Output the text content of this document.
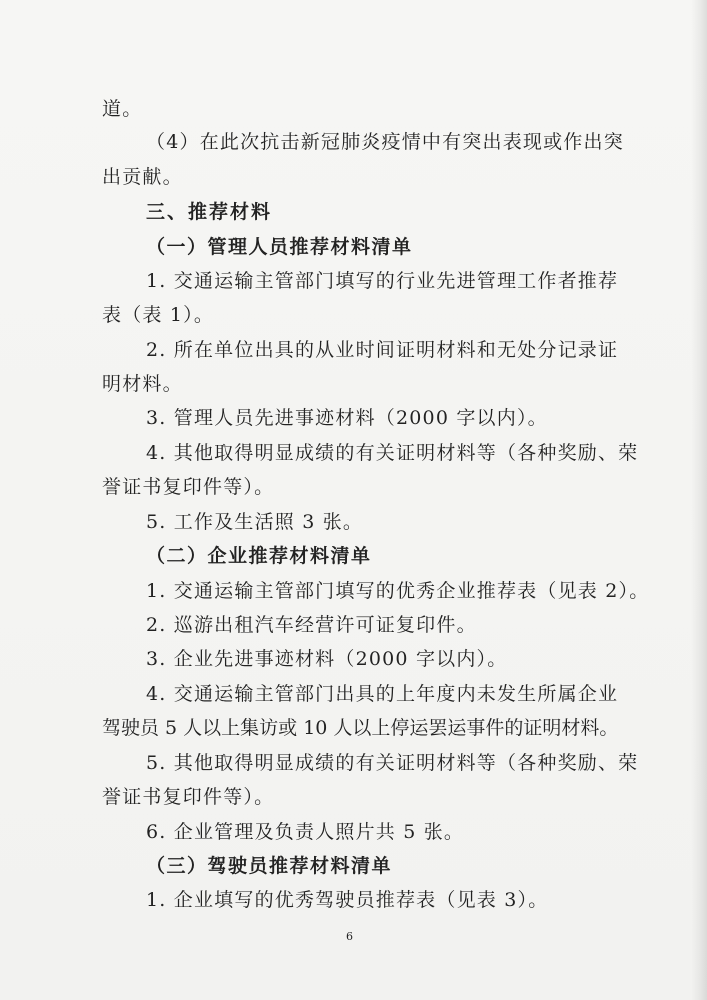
道。
（4）在此次抗击新冠肺炎疫情中有突出表现或作出突
出贡献。
三、推荐材料
（一）管理人员推荐材料清单
1. 交通运输主管部门填写的行业先进管理工作者推荐
表（表 1）。
2. 所在单位出具的从业时间证明材料和无处分记录证
明材料。
3. 管理人员先进事迹材料（2000 字以内）。
4. 其他取得明显成绩的有关证明材料等（各种奖励、荣
誉证书复印件等）。
5. 工作及生活照 3 张。
（二）企业推荐材料清单
1. 交通运输主管部门填写的优秀企业推荐表（见表 2）。
2. 巡游出租汽车经营许可证复印件。
3. 企业先进事迹材料（2000 字以内）。
4. 交通运输主管部门出具的上年度内未发生所属企业
驾驶员 5 人以上集访或 10 人以上停运罢运事件的证明材料。
5. 其他取得明显成绩的有关证明材料等（各种奖励、荣
誉证书复印件等）。
6. 企业管理及负责人照片共 5 张。
（三）驾驶员推荐材料清单
1. 企业填写的优秀驾驶员推荐表（见表 3）。
6
